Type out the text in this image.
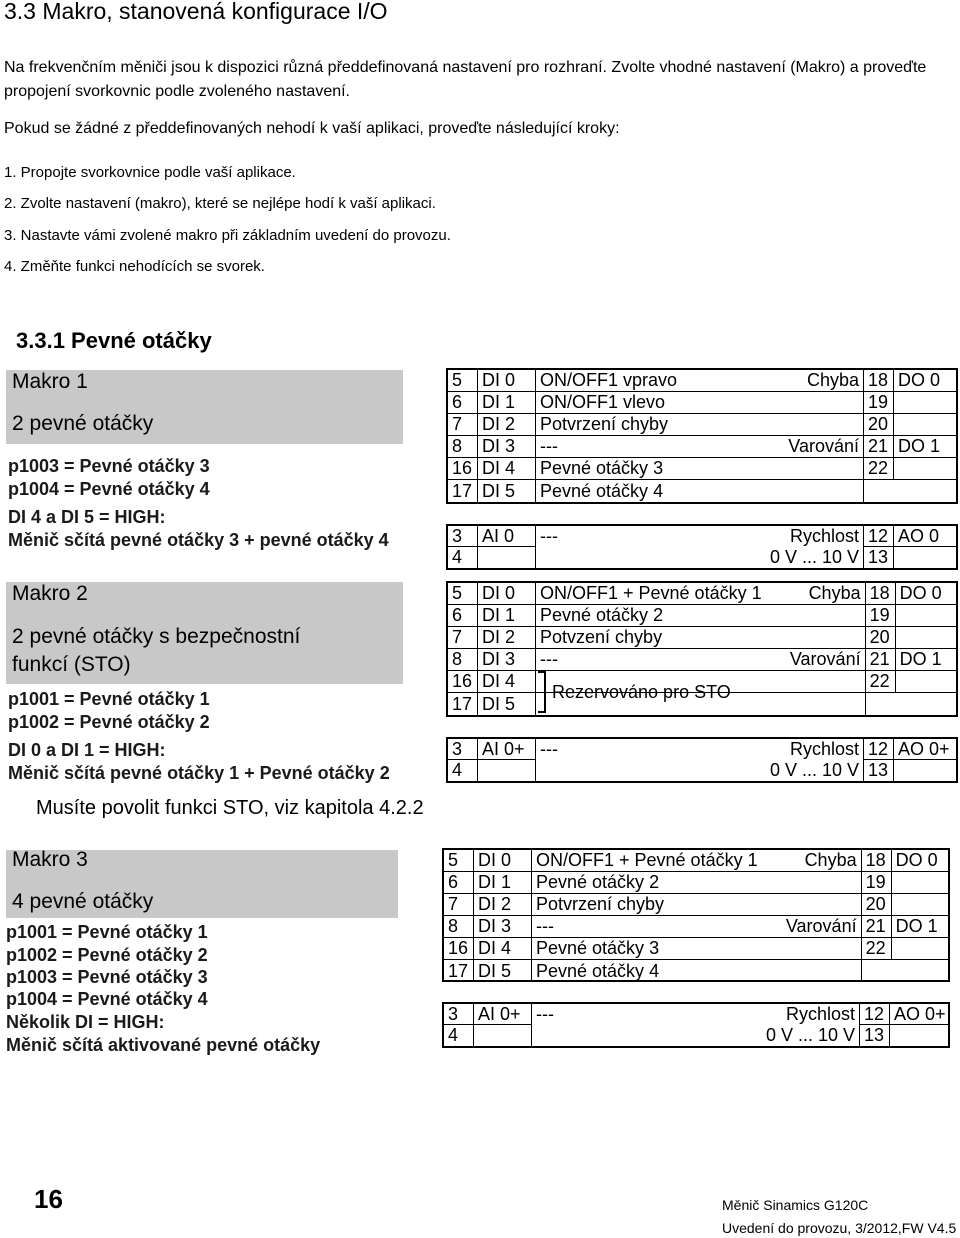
3.3 Makro, stanovená konfigurace I/O
Na frekvenčním měniči jsou k dispozici různá předdefinovaná nastavení pro rozhraní. Zvolte vhodné nastavení (Makro) a proveďte propojení svorkovnic podle zvoleného nastavení.
Pokud se žádné z předdefinovaných nehodí k vaší aplikaci, proveďte následující kroky:
1. Propojte svorkovnice podle vaší aplikace.
2. Zvolte nastavení (makro), které se nejlépe hodí k vaší aplikaci.
3. Nastavte vámi zvolené makro při základním uvedení do provozu.
4. Změňte funkci nehodících se svorek.
3.3.1 Pevné otáčky
Makro 1
2 pevné otáčky
p1003 = Pevné otáčky 3
p1004 = Pevné otáčky 4
DI 4 a DI 5 = HIGH:
Měnič sčítá pevné otáčky 3 + pevné otáčky 4
5	DI 0	ON/OFF1 vpravo	Chyba 18 DO 0
6	DI 1	ON/OFF1 vlevo	19
7	DI 2	Potvrzení chyby	20
8	DI 3	---	Varování 21 DO 1
16 DI 4	Pevné otáčky 3	22
17 DI 5	Pevné otáčky 4
3	AI 0	---	Rychlost 12 AO 0
4	0 V ... 10 V 13
Makro 2
2 pevné otáčky s bezpečnostní funkcí (STO)
p1001 = Pevné otáčky 1
p1002 = Pevné otáčky 2
DI 0 a DI 1 = HIGH:
Měnič sčítá pevné otáčky 1 + Pevné otáčky 2
5	DI 0	ON/OFF1 + Pevné otáčky 1	Chyba 18 DO 0
6	DI 1	Pevné otáčky 2	19
7	DI 2	Potvzení chyby	20
8	DI 3	---	Varování 21 DO 1
16 DI 4	22
17 DI 5
Rezervováno pro STO
3	AI 0+ ---	Rychlost 12 AO 0+
4	0 V ... 10 V 13
Musíte povolit funkci STO, viz kapitola 4.2.2
Makro 3
4 pevné otáčky
p1001 = Pevné otáčky 1
p1002 = Pevné otáčky 2
p1003 = Pevné otáčky 3
p1004 = Pevné otáčky 4
Několik DI = HIGH:
Měnič sčítá aktivované pevné otáčky
5	DI 0	ON/OFF1 + Pevné otáčky 1	Chyba 18 DO 0
6	DI 1	Pevné otáčky 2	19
7	DI 2	Potvrzení chyby	20
8	DI 3	---	Varování 21 DO 1
16 DI 4	Pevné otáčky 3	22
17 DI 5	Pevné otáčky 4
3	AI 0+ ---	Rychlost 12 AO 0+
4	0 V ... 10 V 13
16	Měnič Sinamics G120C
Uvedení do provozu, 3/2012,FW V4.5
